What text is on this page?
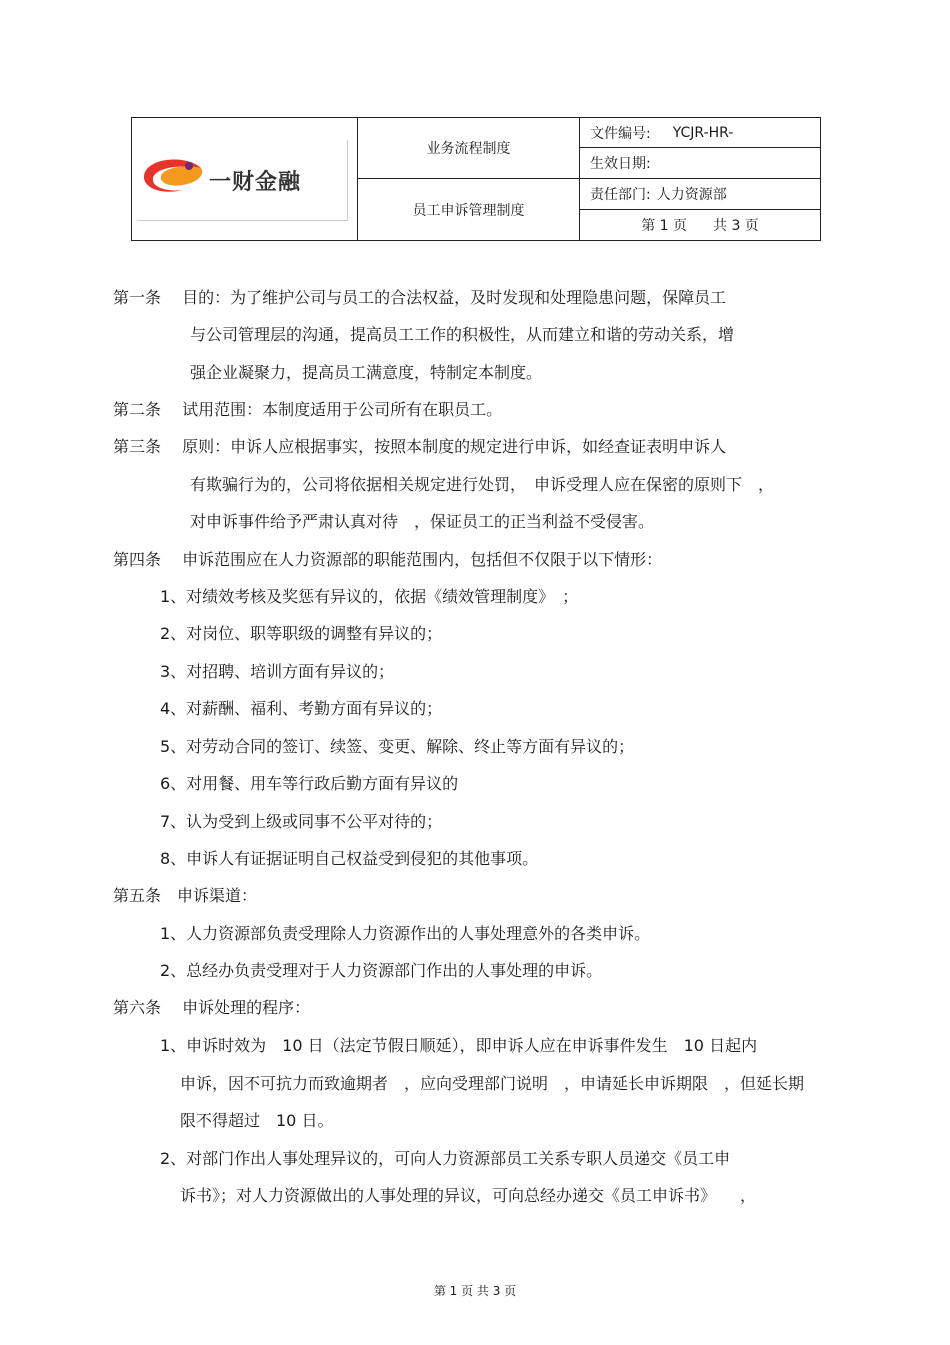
一财金融
业务流程制度
员工申诉管理制度
文件编号: YCJR-HR-
生效日期:
责任部门: 人力资源部
第 1 页 共 3 页
第一条　 目的：为了维护公司与员工的合法权益，及时发现和处理隐患问题，保障员工
与公司管理层的沟通，提高员工工作的积极性，从而建立和谐的劳动关系，增
强企业凝聚力，提高员工满意度，特制定本制度。
第二条　 试用范围：本制度适用于公司所有在职员工。
第三条　 原则：申诉人应根据事实，按照本制度的规定进行申诉，如经查证表明申诉人
有欺骗行为的，公司将依据相关规定进行处罚，　申诉受理人应在保密的原则下　，
对申诉事件给予严肃认真对待　，保证员工的正当利益不受侵害。
第四条　 申诉范围应在人力资源部的职能范围内，包括但不仅限于以下情形：
1、对绩效考核及奖惩有异议的，依据《绩效管理制度》　；
2、对岗位、职等职级的调整有异议的；
3、对招聘、培训方面有异议的；
4、对薪酬、福利、考勤方面有异议的；
5、对劳动合同的签订、续签、变更、解除、终止等方面有异议的；
6、对用餐、用车等行政后勤方面有异议的
7、认为受到上级或同事不公平对待的；
8、申诉人有证据证明自己权益受到侵犯的其他事项。
第五条　申诉渠道：
1、人力资源部负责受理除人力资源作出的人事处理意外的各类申诉。
2、总经办负责受理对于人力资源部门作出的人事处理的申诉。
第六条　 申诉处理的程序：
1、申诉时效为　10 日（法定节假日顺延），即申诉人应在申诉事件发生　10 日起内
申诉，因不可抗力而致逾期者　，应向受理部门说明　，申请延长申诉期限　，但延长期
限不得超过　10 日。
2、对部门作出人事处理异议的，可向人力资源部员工关系专职人员递交《员工申
诉书》；对人力资源做出的人事处理的异议，可向总经办递交《员工申诉书》　　，
第 1 页 共 3 页
